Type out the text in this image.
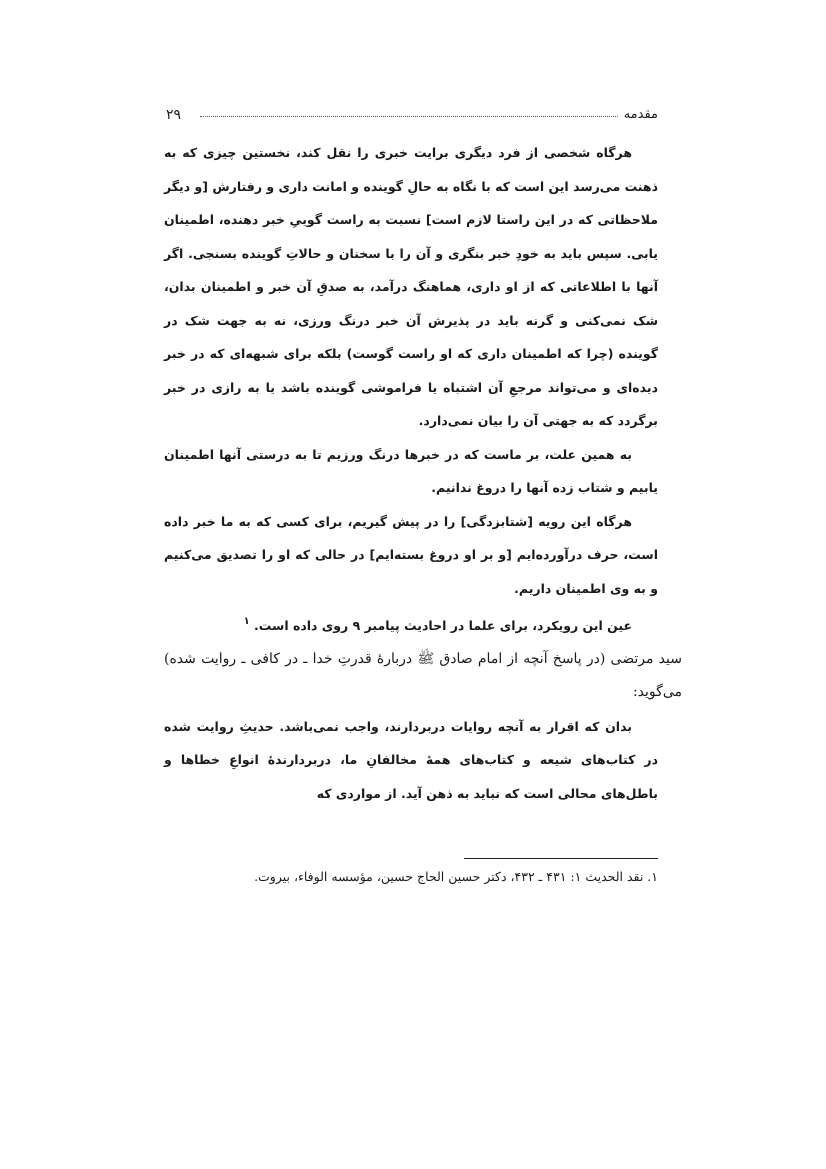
مقدمه
۲۹

هرگاه شخصی از فرد دیگری برایت خبری را نقل کند، نخستین چیزی که به ذهنت می‌رسد این است که با نگاه به حالِ گوینده و امانت داری و رفتارش [و دیگر ملاحظاتی که در این راستا لازم است] نسبت به راست گوییِ خبر دهنده، اطمینان یابی. سپس باید به خودِ خبر بنگری و آن را با سخنان و حالاتِ گوینده بسنجی. اگر آنها با اطلاعاتی که از او داری، هماهنگ درآمد، به صدقِ آن خبر و اطمینان بدان، شک نمی‌کنی و گرنه باید در پذیرش آن خبر درنگ ورزی، نه به جهت شک در گوینده (چرا که اطمینان داری که او راست گوست) بلکه برای شبهه‌ای که در خبر دیده‌ای و می‌تواند مرجعِ آن اشتباه یا فراموشی گوینده باشد یا به رازی در خبر برگردد که به جهتی آن را بیان نمی‌دارد.

به همین علت، بر ماست که در خبرها درنگ ورزیم تا به درستی آنها اطمینان یابیم و شتاب زده آنها را دروغ ندانیم.

هرگاه این رویه [شتابزدگی] را در پیش گیریم، برای کسی که به ما خبر داده است، حرف درآورده‌ایم [و بر او دروغ بسته‌ایم] در حالی که او را تصدیق می‌کنیم و به وی اطمینان داریم.

عین این رویکرد، برای علما در احادیث پیامبر ۹ روی داده است. $^۱$

سید مرتضی (در پاسخ آنچه از امام صادق ﷺ دربارهٔ قدرتِ خدا ـ در کافی ـ روایت شده) می‌گوید:

بدان که اقرار به آنچه روایات دربردارند، واجب نمی‌باشد. حدیثِ روایت شده در کتاب‌های شیعه و کتاب‌های همهٔ مخالفانِ ما، دربردارندهٔ انواعِ خطاها و باطل‌های محالی است که نباید به ذهن آید. از مواردی که

۱. نقد الحدیث ۱: ۴۳۱ ـ ۴۳۲، دکتر حسین الحاج حسین، مؤسسه الوفاء، بیروت.
